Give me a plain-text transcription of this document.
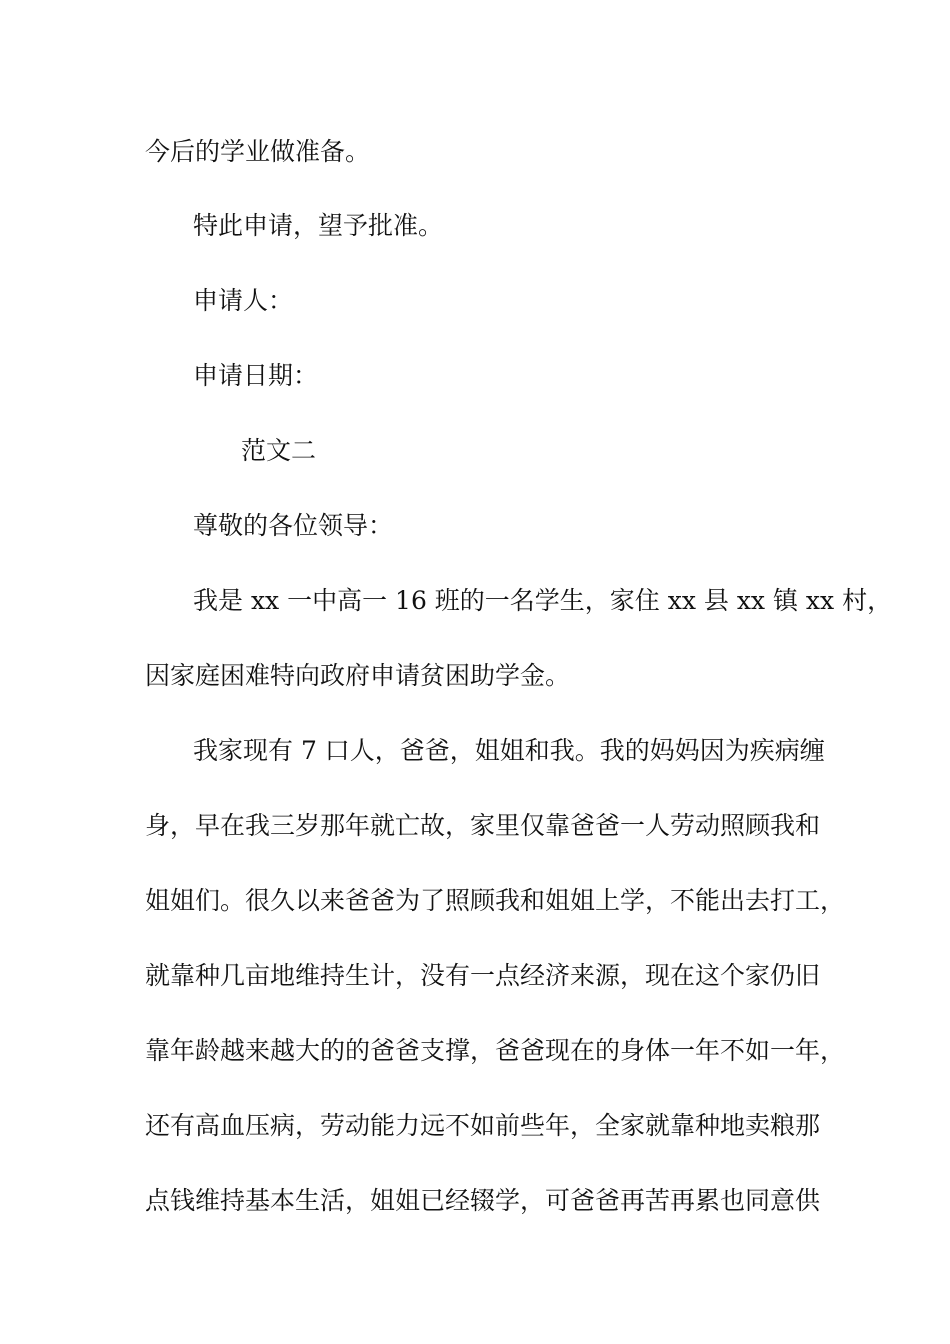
今后的学业做准备。
特此申请，望予批准。
申请人：
申请日期：
范文二
尊敬的各位领导：
我是 xx 一中高一 16 班的一名学生，家住 xx 县 xx 镇 xx 村，
因家庭困难特向政府申请贫困助学金。
我家现有 7 口人，爸爸，姐姐和我。我的妈妈因为疾病缠
身，早在我三岁那年就亡故，家里仅靠爸爸一人劳动照顾我和
姐姐们。很久以来爸爸为了照顾我和姐姐上学，不能出去打工，
就靠种几亩地维持生计，没有一点经济来源，现在这个家仍旧
靠年龄越来越大的的爸爸支撑，爸爸现在的身体一年不如一年，
还有高血压病，劳动能力远不如前些年，全家就靠种地卖粮那
点钱维持基本生活，姐姐已经辍学，可爸爸再苦再累也同意供
